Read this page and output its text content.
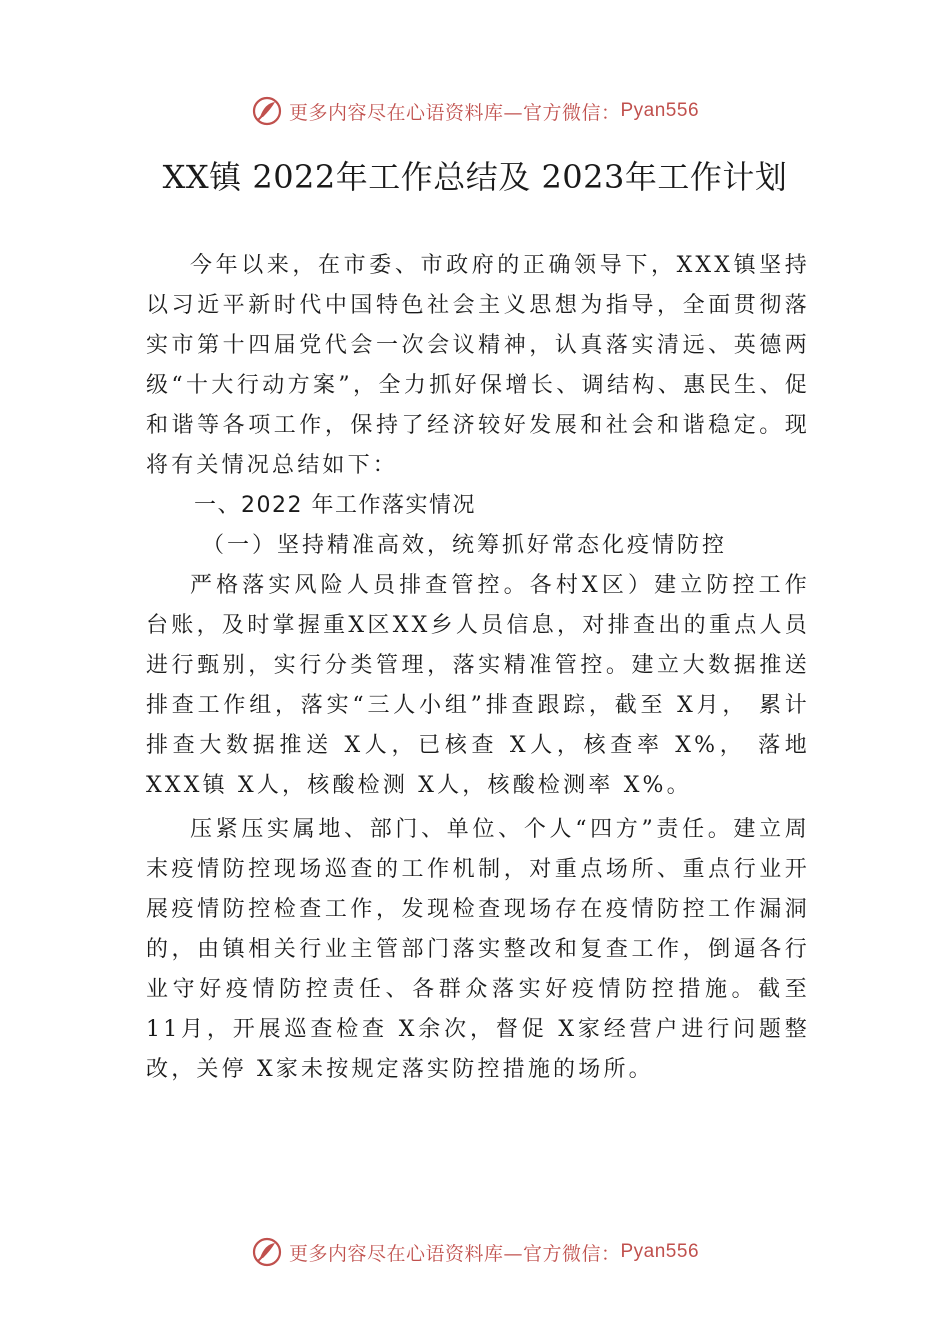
更多内容尽在心语资料库—官方微信： Pyan556
XX镇 2022年工作总结及 2023年工作计划

今年以来，在市委、市政府的正确领导下，XXX镇坚持以习近平新时代中国特色社会主义思想为指导，全面贯彻落实市第十四届党代会一次会议精神，认真落实清远、英德两级“十大行动方案”，全力抓好保增长、调结构、惠民生、促和谐等各项工作，保持了经济较好发展和社会和谐稳定。现将有关情况总结如下：

一、2022 年工作落实情况

（一）坚持精准高效，统筹抓好常态化疫情防控

严格落实风险人员排查管控。各村X区）建立防控工作台账，及时掌握重X区XX乡人员信息，对排查出的重点人员进行甄别，实行分类管理，落实精准管控。建立大数据推送排查工作组，落实“三人小组”排查跟踪，截至 X月， 累计排查大数据推送 X人，已核查 X人，核查率 X%， 落地XXX镇 X人，核酸检测 X人，核酸检测率 X%。

压紧压实属地、部门、单位、个人“四方”责任。建立周末疫情防控现场巡查的工作机制，对重点场所、重点行业开展疫情防控检查工作，发现检查现场存在疫情防控工作漏洞的，由镇相关行业主管部门落实整改和复查工作，倒逼各行业守好疫情防控责任、各群众落实好疫情防控措施。截至11月，开展巡查检查 X余次，督促 X家经营户进行问题整改，关停 X家未按规定落实防控措施的场所。

更多内容尽在心语资料库—官方微信： Pyan556
